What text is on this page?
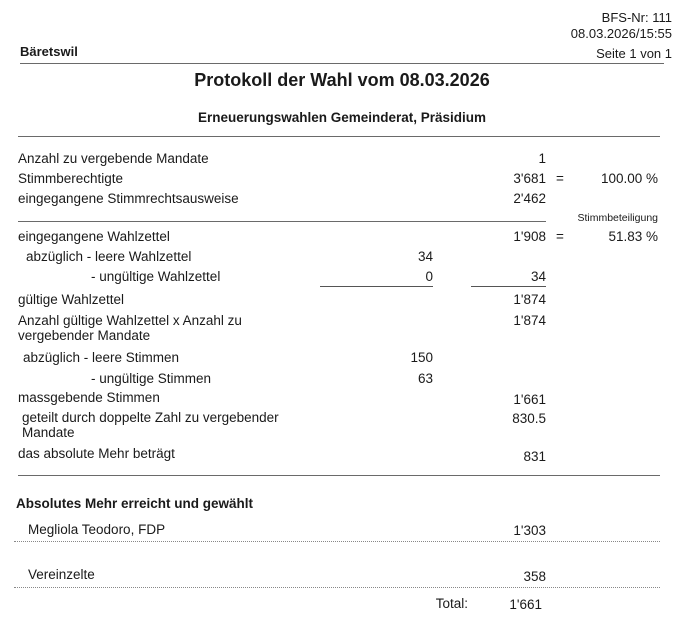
Bäretswil
BFS-Nr: 111
08.03.2026/15:55
Seite 1 von 1
Protokoll der Wahl vom 08.03.2026
Erneuerungswahlen Gemeinderat, Präsidium
Anzahl zu vergebende Mandate	1
Stimmberechtigte	3'681 =	100.00 %
eingegangene Stimmrechtsausweise	2'462
Stimmbeteiligung
eingegangene Wahlzettel	1'908 =	51.83 %
abzüglich - leere Wahlzettel	34
- ungültige Wahlzettel	0	34
gültige Wahlzettel	1'874
Anzahl gültige Wahlzettel x Anzahl zu
vergebender Mandate
1'874
abzüglich - leere Stimmen	150
- ungültige Stimmen	63
massgebende Stimmen	1'661
geteilt durch doppelte Zahl zu vergebender
Mandate
830.5
das absolute Mehr beträgt	831
Absolutes Mehr erreicht und gewählt
Megliola Teodoro, FDP	1'303
Vereinzelte	358
Total:	1'661
